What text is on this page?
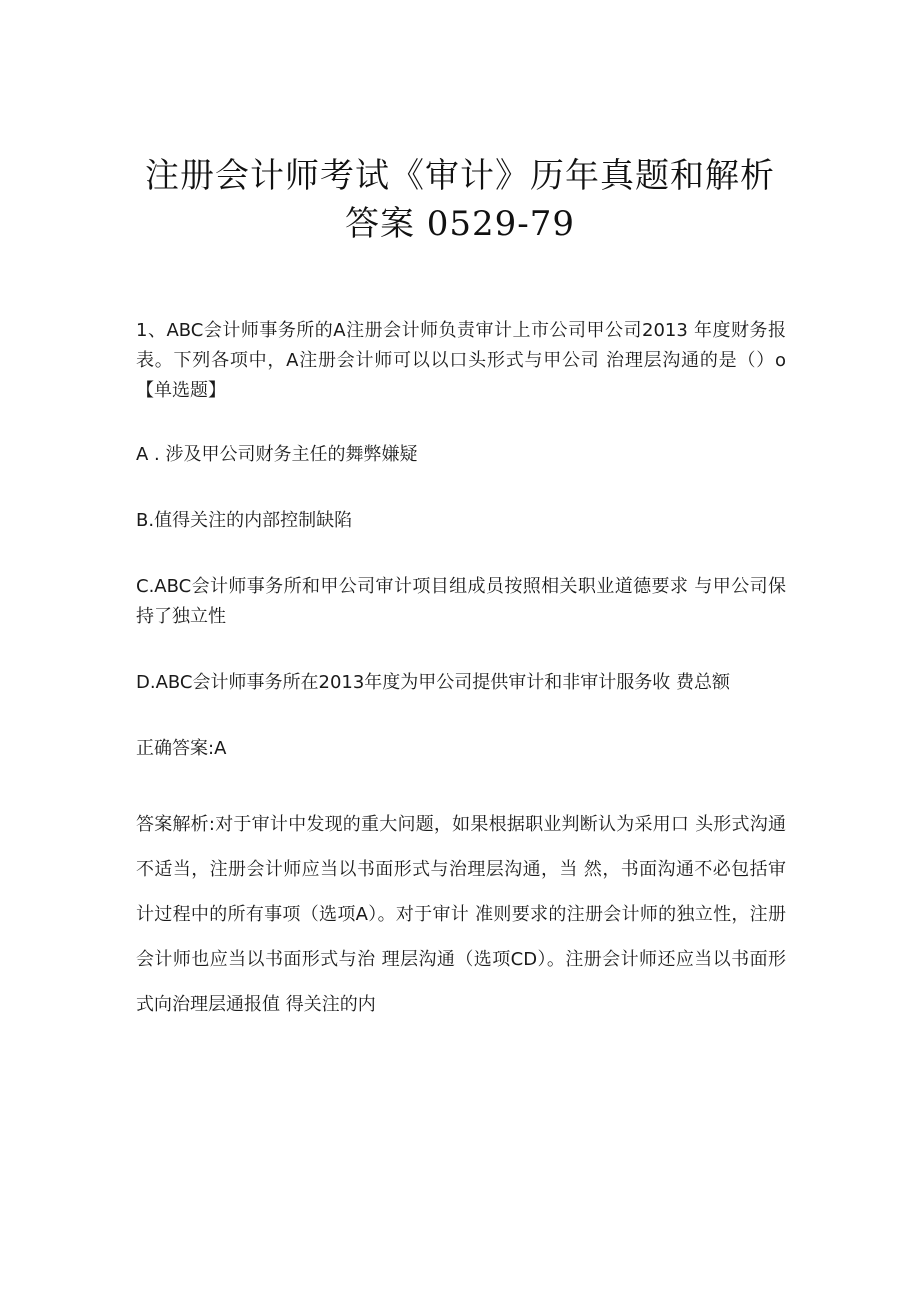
注册会计师考试《审计》历年真题和解析
答案 0529-79

1、ABC会计师事务所的A注册会计师负责审计上市公司甲公司2013 年度财务报表。下列各项中，A注册会计师可以以口头形式与甲公司 治理层沟通的是（）o【单选题】

A . 涉及甲公司财务主任的舞弊嫌疑

B.值得关注的内部控制缺陷

C.ABC会计师事务所和甲公司审计项目组成员按照相关职业道德要求 与甲公司保持了独立性

D.ABC会计师事务所在2013年度为甲公司提供审计和非审计服务收 费总额

正确答案:A

答案解析:对于审计中发现的重大问题，如果根据职业判断认为采用口 头形式沟通不适当，注册会计师应当以书面形式与治理层沟通，当 然，书面沟通不必包括审计过程中的所有事项（选项A）。对于审计 准则要求的注册会计师的独立性，注册会计师也应当以书面形式与治 理层沟通（选项CD）。注册会计师还应当以书面形式向治理层通报值 得关注的内
